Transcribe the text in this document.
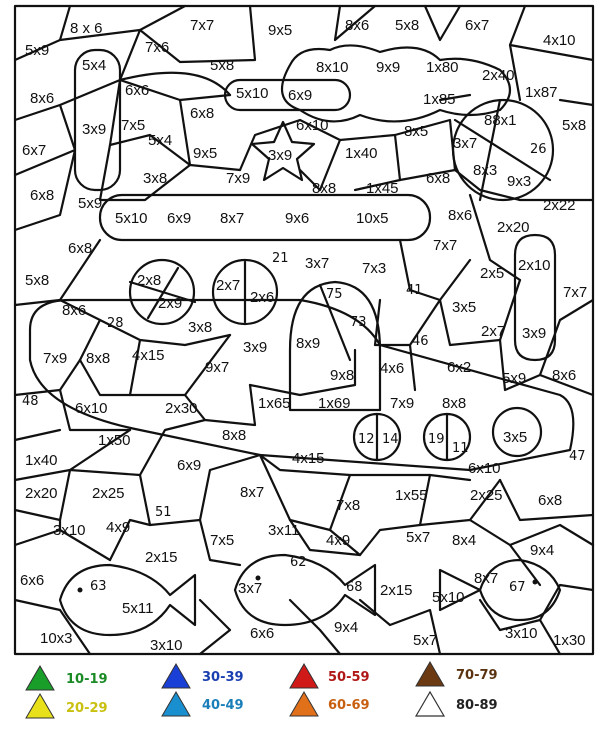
5x9
8 x 6	7x7	9x5	8x6 5x8	6x7
4x10
5x4
7x6
5x8	8x10 9x9 1x80 2x40
8x6	6x6	5x10 6x9	1x85	1x87
3x9 7x5
6x8
6x10	8x5
88x1	5x8
6x7
5x4
9x5	3x9	1x40
3x7	26
8x3
3x8	7x9	6x8	9x3
6x8	8x8 1x45
5x9	2x22
5x10 6x9 8x7	9x6	10x5	8x6
2x20
6x8	7x7
2x10
21 3x7 7x3	2x5
5x8	2x8	2x7	41	7x7
2x9	2x6	75
3x5
8x6
28	73
2x7 3x9
3x8
8x9
3x9	46
7x9 8x8 4x15
9x7	6x2
9x8 4x6
5x9 8x6
48 6x10	2x30	1x65 1x69	7x9 8x8
1x50	8x8	12 14 19
11
3x5
1x40	6x9	4x15
6x10
47
2x20 2x25	8x7
7x8
1x55	2x25 6x8
51
3x10 4x9
7x5
3x11
4x9	5x7 8x4
9x4
2x15	62
6x6	63	3x7	68 2x15 5x10
8x7
67
5x11
6x6	9x4	3x10
10x3	3x10	5x7	1x30
10-19	30-39	50-59	70-79
20-29	40-49	60-69	80-89
